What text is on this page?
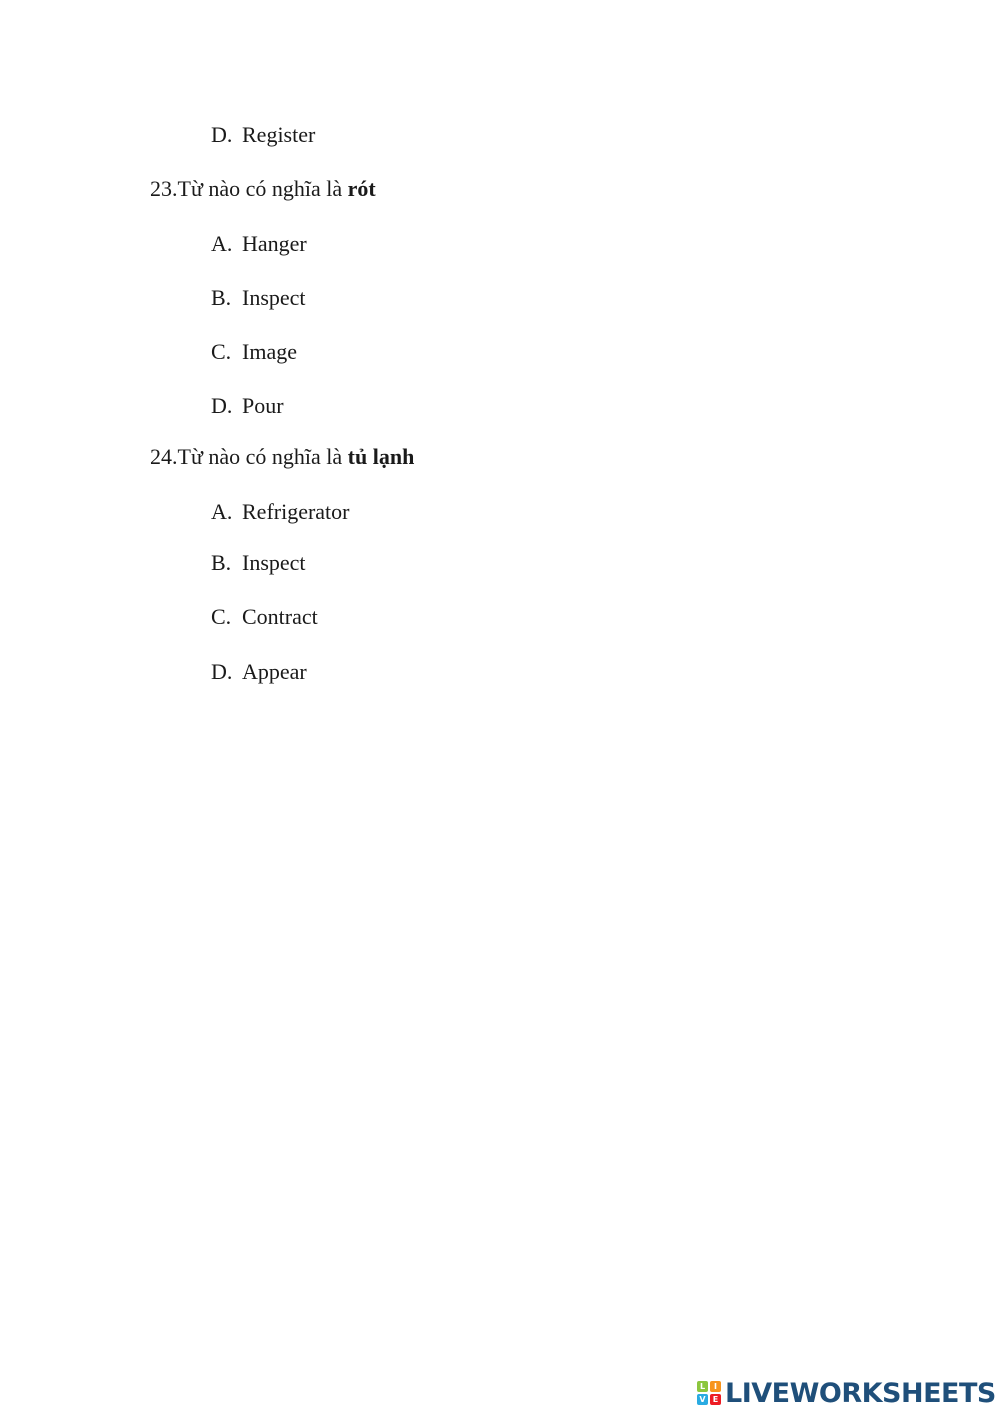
D. Register
23.Từ nào có nghĩa là rót
A. Hanger
B. Inspect
C. Image
D. Pour
24.Từ nào có nghĩa là tủ lạnh
A. Refrigerator
B. Inspect
C. Contract
D. Appear
L	I
V E LIVEWORKSHEETS
